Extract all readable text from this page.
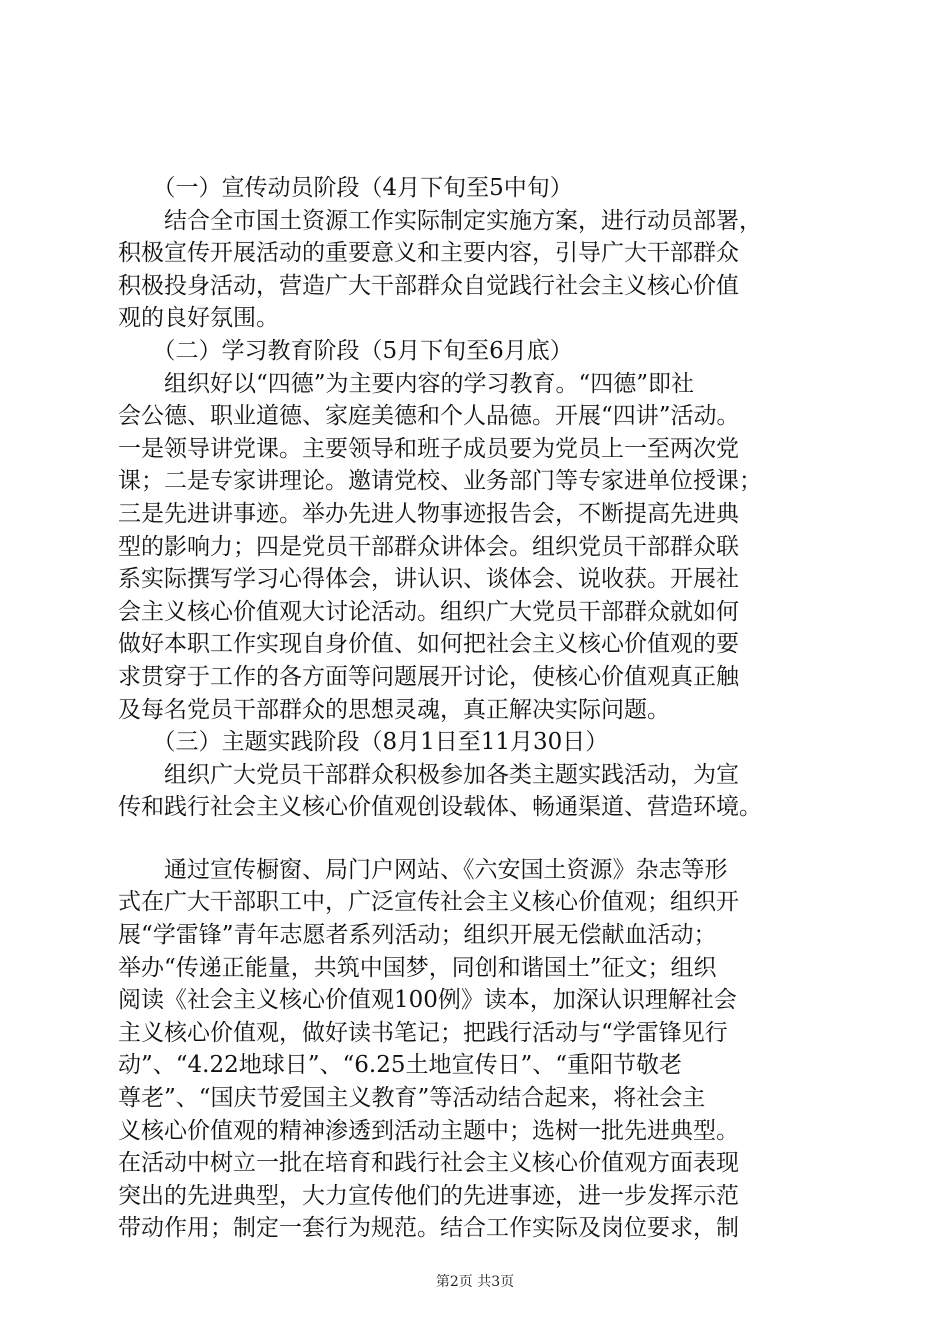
　　（一）宣传动员阶段（4月下旬至5中旬）
　　结合全市国土资源工作实际制定实施方案，进行动员部署，
积极宣传开展活动的重要意义和主要内容，引导广大干部群众
积极投身活动，营造广大干部群众自觉践行社会主义核心价值
观的良好氛围。
　　（二）学习教育阶段（5月下旬至6月底）
　　组织好以“四德”为主要内容的学习教育。“四德”即社
会公德、职业道德、家庭美德和个人品德。开展“四讲”活动。
一是领导讲党课。主要领导和班子成员要为党员上一至两次党
课；二是专家讲理论。邀请党校、业务部门等专家进单位授课；
三是先进讲事迹。举办先进人物事迹报告会，不断提高先进典
型的影响力；四是党员干部群众讲体会。组织党员干部群众联
系实际撰写学习心得体会，讲认识、谈体会、说收获。开展社
会主义核心价值观大讨论活动。组织广大党员干部群众就如何
做好本职工作实现自身价值、如何把社会主义核心价值观的要
求贯穿于工作的各方面等问题展开讨论，使核心价值观真正触
及每名党员干部群众的思想灵魂，真正解决实际问题。
　　（三）主题实践阶段（8月1日至11月30日）
　　组织广大党员干部群众积极参加各类主题实践活动，为宣
传和践行社会主义核心价值观创设载体、畅通渠道、营造环境。
　　通过宣传橱窗、局门户网站、《六安国土资源》杂志等形
式在广大干部职工中，广泛宣传社会主义核心价值观；组织开
展“学雷锋”青年志愿者系列活动；组织开展无偿献血活动；
举办“传递正能量，共筑中国梦，同创和谐国土”征文；组织
阅读《社会主义核心价值观100例》读本，加深认识理解社会
主义核心价值观，做好读书笔记；把践行活动与“学雷锋见行
动”、“4.22地球日”、“6.25土地宣传日”、“重阳节敬老
尊老”、“国庆节爱国主义教育”等活动结合起来，将社会主
义核心价值观的精神渗透到活动主题中；选树一批先进典型。
在活动中树立一批在培育和践行社会主义核心价值观方面表现
突出的先进典型，大力宣传他们的先进事迹，进一步发挥示范
带动作用；制定一套行为规范。结合工作实际及岗位要求，制
第2页 共3页
